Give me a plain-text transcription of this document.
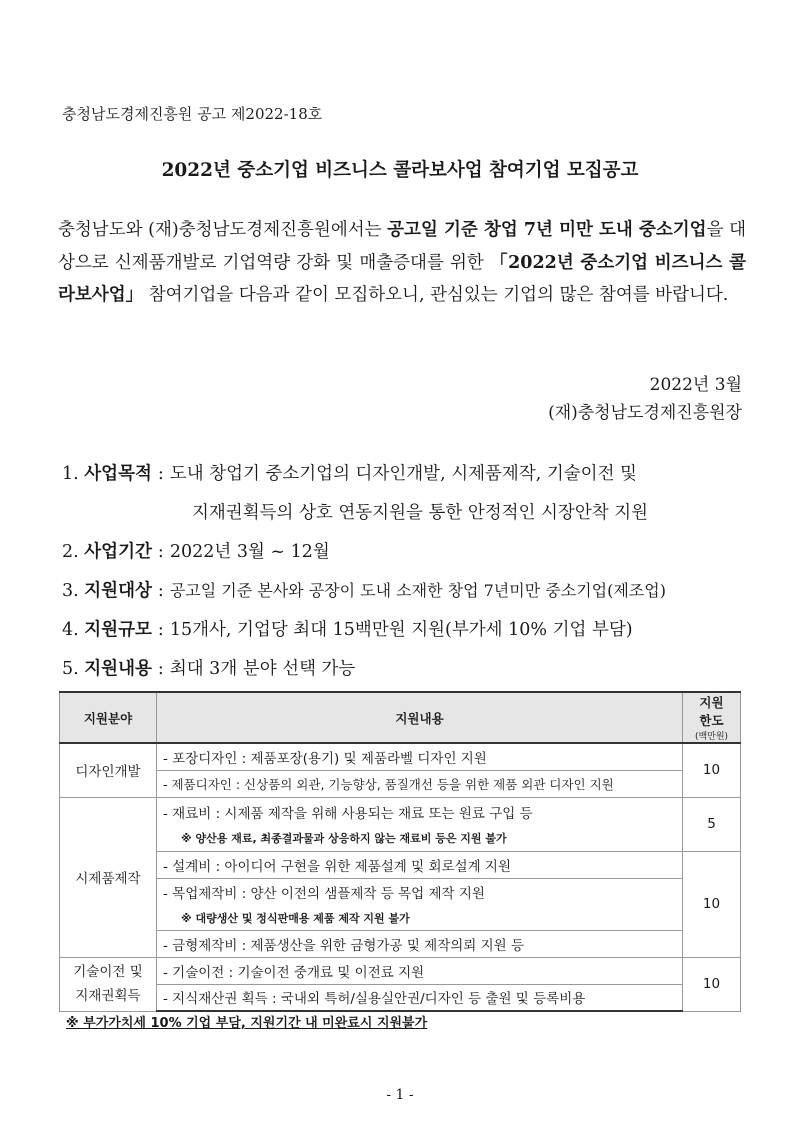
충청남도경제진흥원 공고 제2022-18호
2022년 중소기업 비즈니스 콜라보사업 참여기업 모집공고
충청남도와 (재)충청남도경제진흥원에서는 공고일 기준 창업 7년 미만 도내 중소기업을 대상으로 신제품개발로 기업역량 강화 및 매출증대를 위한 「2022년 중소기업 비즈니스 콜라보사업」 참여기업을 다음과 같이 모집하오니, 관심있는 기업의 많은 참여를 바랍니다.
2022년 3월
(재)충청남도경제진흥원장
1. 사업목적 : 도내 창업기 중소기업의 디자인개발, 시제품제작, 기술이전 및
지재권획득의 상호 연동지원을 통한 안정적인 시장안착 지원
2. 사업기간 : 2022년 3월 ~ 12월
3. 지원대상 : 공고일 기준 본사와 공장이 도내 소재한 창업 7년미만 중소기업(제조업)
4. 지원규모 : 15개사, 기업당 최대 15백만원 지원(부가세 10% 기업 부담)
5. 지원내용 : 최대 3개 분야 선택 가능
지원분야	지원내용	지원
한도
(백만원)

디자인개발	- 포장디자인 : 제품포장(용기) 및 제품라벨 디자인 지원	10
	- 제품디자인 : 신상품의 외관, 기능향상, 품질개선 등을 위한 제품 외관 디자인 지원	
시제품제작	- 재료비 : 시제품 제작을 위해 사용되는 재료 또는 원료 구입 등
※ 양산용 재료, 최종결과물과 상응하지 않는 재료비 등은 지원 불가	5
	- 설계비 : 아이디어 구현을 위한 제품설계 및 회로설계 지원	10

	- 목업제작비 : 양산 이전의 샘플제작 등 목업 제작 지원
※ 대량생산 및 정식판매용 제품 제작 지원 불가	

	- 금형제작비 : 제품생산을 위한 금형가공 및 제작의뢰 지원 등	
기술이전 및
지재권획득	- 기술이전 : 기술이전 중개료 및 이전료 지원	10
	- 지식재산권 획득 : 국내외 특허/실용실안권/디자인 등 출원 및 등록비용	
※ 부가가치세 10% 기업 부담, 지원기간 내 미완료시 지원불가
- 1 -
